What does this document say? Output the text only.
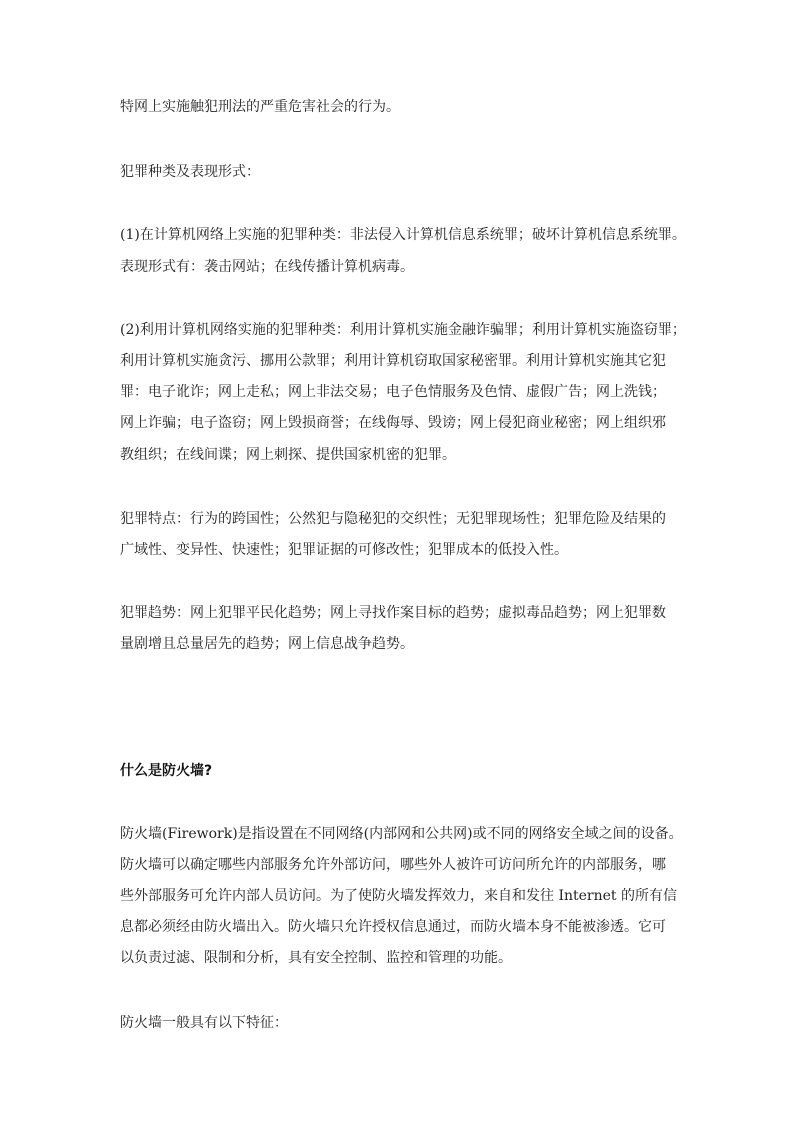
特网上实施触犯刑法的严重危害社会的行为。

犯罪种类及表现形式：

(1)在计算机网络上实施的犯罪种类：非法侵入计算机信息系统罪；破坏计算机信息系统罪。

表现形式有：袭击网站；在线传播计算机病毒。

(2)利用计算机网络实施的犯罪种类：利用计算机实施金融诈骗罪；利用计算机实施盗窃罪；

利用计算机实施贪污、挪用公款罪；利用计算机窃取国家秘密罪。利用计算机实施其它犯

罪：电子讹诈；网上走私；网上非法交易；电子色情服务及色情、虚假广告；网上洗钱；

网上诈骗；电子盗窃；网上毁损商誉；在线侮辱、毁谤；网上侵犯商业秘密；网上组织邪

教组织；在线间谍；网上刺探、提供国家机密的犯罪。

犯罪特点：行为的跨国性；公然犯与隐秘犯的交织性；无犯罪现场性；犯罪危险及结果的

广域性、变异性、快速性；犯罪证据的可修改性；犯罪成本的低投入性。

犯罪趋势：网上犯罪平民化趋势；网上寻找作案目标的趋势；虚拟毒品趋势；网上犯罪数

量剧增且总量居先的趋势；网上信息战争趋势。

什么是防火墙?

防火墙(Firework)是指设置在不同网络(内部网和公共网)或不同的网络安全域之间的设备。

防火墙可以确定哪些内部服务允许外部访问，哪些外人被许可访问所允许的内部服务，哪

些外部服务可允许内部人员访问。为了使防火墙发挥效力，来自和发往 Internet 的所有信

息都必须经由防火墙出入。防火墙只允许授权信息通过，而防火墙本身不能被渗透。它可

以负责过滤、限制和分析，具有安全控制、监控和管理的功能。

防火墙一般具有以下特征：
